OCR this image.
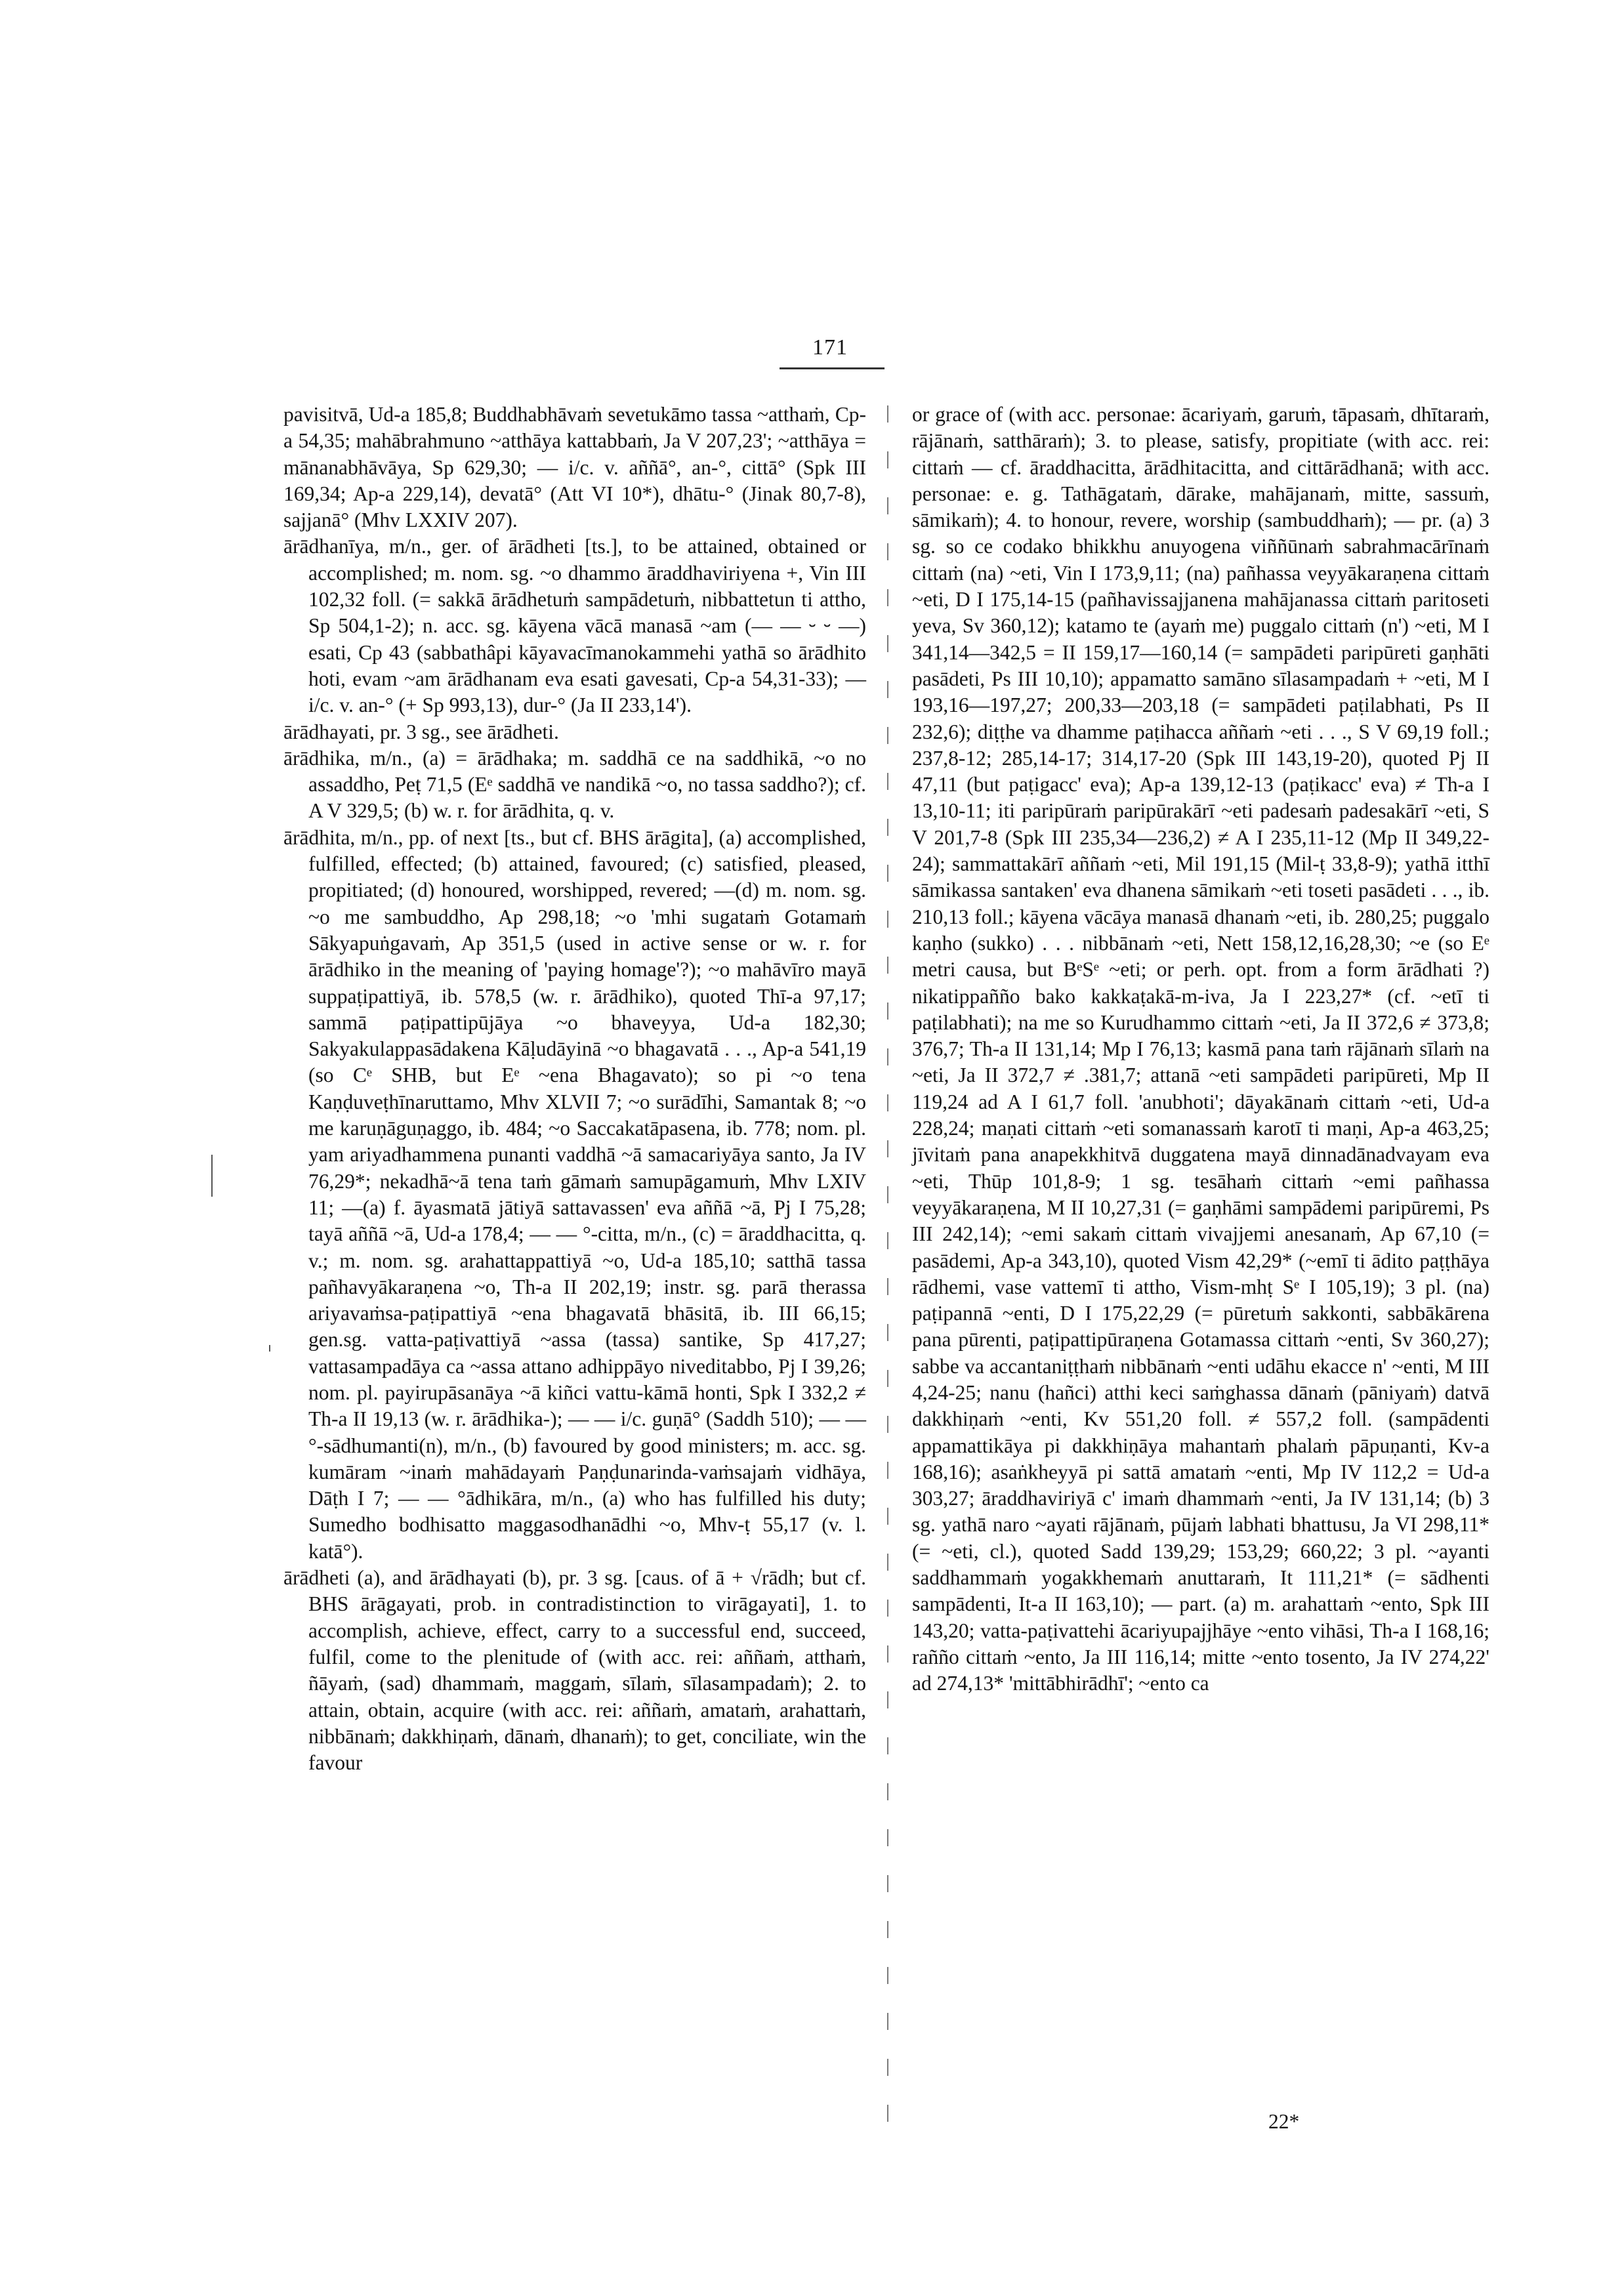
171

pavisitvā, Ud-a 185,8; Buddhabhāvaṁ sevetukāmo tassa ~atthaṁ, Cp-a 54,35; mahābrahmuno ~atthāya kattabbaṁ, Ja V 207,23'; ~atthāya = mānanabhāvāya, Sp 629,30; — i/c. v. aññā°, an-°, cittā° (Spk III 169,34; Ap-a 229,14), devatā° (Att VI 10*), dhātu-° (Jinak 80,7-8), sajjanā° (Mhv LXXIV 207).

ārādhanīya, m/n., ger. of ārādheti [ts.], to be attained, obtained or accomplished; m. nom. sg. ~o dhammo āraddhaviriyena +, Vin III 102,32 foll. (= sakkā ārādhetuṁ sampādetuṁ, nibbattetun ti attho, Sp 504,1-2); n. acc. sg. kāyena vācā manasā ~am (— — ⏑ ⏑ —) esati, Cp 43 (sabbathâpi kāyavacīmanokammehi yathā so ārādhito hoti, evam ~am ārādhanam eva esati gavesati, Cp-a 54,31-33); — i/c. v. an-° (+ Sp 993,13), dur-° (Ja II 233,14').

ārādhayati, pr. 3 sg., see ārādheti.

ārādhika, m/n., (a) = ārādhaka; m. saddhā ce na saddhikā, ~o no assaddho, Peṭ 71,5 (Eᵉ saddhā ve nandikā ~o, no tassa saddho?); cf. A V 329,5; (b) w. r. for ārādhita, q. v.

ārādhita, m/n., pp. of next [ts., but cf. BHS ārāgita], (a) accomplished, fulfilled, effected; (b) attained, favoured; (c) satisfied, pleased, propitiated; (d) honoured, worshipped, revered; —(d) m. nom. sg. ~o me sambuddho, Ap 298,18; ~o 'mhi sugataṁ Gotamaṁ Sākyapuṅgavaṁ, Ap 351,5 (used in active sense or w. r. for ārādhiko in the meaning of 'paying homage'?); ~o mahāvīro mayā suppaṭipattiyā, ib. 578,5 (w. r. ārādhiko), quoted Thī-a 97,17; sammā paṭipattipūjāya ~o bhaveyya, Ud-a 182,30; Sakyakulappasādakena Kāḷudāyinā ~o bhagavatā . . ., Ap-a 541,19 (so Cᵉ SHB, but Eᵉ ~ena Bhagavato); so pi ~o tena Kaṇḍuveṭhīnaruttamo, Mhv XLVII 7; ~o surādīhi, Samantak 8; ~o me karuṇāguṇaggo, ib. 484; ~o Saccakatāpasena, ib. 778; nom. pl. yam ariyadhammena punanti vaddhā ~ā samacariyāya santo, Ja IV 76,29*; nekadhā~ā tena taṁ gāmaṁ samupāgamuṁ, Mhv LXIV 11; —(a) f. āyasmatā jātiyā sattavassen' eva aññā ~ā, Pj I 75,28; tayā aññā ~ā, Ud-a 178,4; — — °-citta, m/n., (c) = āraddhacitta, q. v.; m. nom. sg. arahattappattiyā ~o, Ud-a 185,10; satthā tassa pañhavyākaraṇena ~o, Th-a II 202,19; instr. sg. parā therassa ariyavaṁsa-paṭipattiyā ~ena bhagavatā bhāsitā, ib. III 66,15; gen.sg. vatta-paṭivattiyā ~assa (tassa) santike, Sp 417,27; vattasampadāya ca ~assa attano adhippāyo niveditabbo, Pj I 39,26; nom. pl. payirupāsanāya ~ā kiñci vattu-kāmā honti, Spk I 332,2 ≠ Th-a II 19,13 (w. r. ārādhika-); — — i/c. guṇā° (Saddh 510); — — °-sādhumanti(n), m/n., (b) favoured by good ministers; m. acc. sg. kumāram ~inaṁ mahādayaṁ Paṇḍunarinda-vaṁsajaṁ vidhāya, Dāṭh I 7; — — °ādhikāra, m/n., (a) who has fulfilled his duty; Sumedho bodhisatto maggasodhanādhi ~o, Mhv-ṭ 55,17 (v. l. katā°).

ārādheti (a), and ārādhayati (b), pr. 3 sg. [caus. of ā + √rādh; but cf. BHS ārāgayati, prob. in contradistinction to virāgayati], 1. to accomplish, achieve, effect, carry to a successful end, succeed, fulfil, come to the plenitude of (with acc. rei: aññaṁ, atthaṁ, ñāyaṁ, (sad) dhammaṁ, maggaṁ, sīlaṁ, sīlasampadaṁ); 2. to attain, obtain, acquire (with acc. rei: aññaṁ, amataṁ, arahattaṁ, nibbānaṁ; dakkhiṇaṁ, dānaṁ, dhanaṁ); to get, conciliate, win the favour

or grace of (with acc. personae: ācariyaṁ, garuṁ, tāpasaṁ, dhītaraṁ, rājānaṁ, satthāraṁ); 3. to please, satisfy, propitiate (with acc. rei: cittaṁ — cf. āraddhacitta, ārādhitacitta, and cittārādhanā; with acc. personae: e. g. Tathāgataṁ, dārake, mahājanaṁ, mitte, sassuṁ, sāmikaṁ); 4. to honour, revere, worship (sambuddhaṁ); — pr. (a) 3 sg. so ce codako bhikkhu anuyogena viññūnaṁ sabrahmacārīnaṁ cittaṁ (na) ~eti, Vin I 173,9,11; (na) pañhassa veyyākaraṇena cittaṁ ~eti, D I 175,14-15 (pañhavissajjanena mahājanassa cittaṁ paritoseti yeva, Sv 360,12); katamo te (ayaṁ me) puggalo cittaṁ (n') ~eti, M I 341,14—342,5 = II 159,17—160,14 (= sampādeti paripūreti gaṇhāti pasādeti, Ps III 10,10); appamatto samāno sīlasampadaṁ + ~eti, M I 193,16—197,27; 200,33—203,18 (= sampādeti paṭilabhati, Ps II 232,6); diṭṭhe va dhamme paṭihacca aññaṁ ~eti . . ., S V 69,19 foll.; 237,8-12; 285,14-17; 314,17-20 (Spk III 143,19-20), quoted Pj II 47,11 (but paṭigacc' eva); Ap-a 139,12-13 (paṭikacc' eva) ≠ Th-a I 13,10-11; iti paripūraṁ paripūrakārī ~eti padesaṁ padesakārī ~eti, S V 201,7-8 (Spk III 235,34—236,2) ≠ A I 235,11-12 (Mp II 349,22-24); sammattakārī aññaṁ ~eti, Mil 191,15 (Mil-ṭ 33,8-9); yathā itthī sāmikassa santaken' eva dhanena sāmikaṁ ~eti toseti pasādeti . . ., ib. 210,13 foll.; kāyena vācāya manasā dhanaṁ ~eti, ib. 280,25; puggalo kaṇho (sukko) . . . nibbānaṁ ~eti, Nett 158,12,16,28,30; ~e (so Eᵉ metri causa, but BᵉSᵉ ~eti; or perh. opt. from a form ārādhati ?) nikatippañño bako kakkaṭakā-m-iva, Ja I 223,27* (cf. ~etī ti paṭilabhati); na me so Kurudhammo cittaṁ ~eti, Ja II 372,6 ≠ 373,8; 376,7; Th-a II 131,14; Mp I 76,13; kasmā pana taṁ rājānaṁ sīlaṁ na ~eti, Ja II 372,7 ≠ .381,7; attanā ~eti sampādeti paripūreti, Mp II 119,24 ad A I 61,7 foll. 'anubhoti'; dāyakānaṁ cittaṁ ~eti, Ud-a 228,24; maṇati cittaṁ ~eti somanassaṁ karotī ti maṇi, Ap-a 463,25; jīvitaṁ pana anapekkhitvā duggatena mayā dinnadānadvayam eva ~eti, Thūp 101,8-9; 1 sg. tesāhaṁ cittaṁ ~emi pañhassa veyyākaraṇena, M II 10,27,31 (= gaṇhāmi sampādemi paripūremi, Ps III 242,14); ~emi sakaṁ cittaṁ vivajjemi anesanaṁ, Ap 67,10 (= pasādemi, Ap-a 343,10), quoted Vism 42,29* (~emī ti ādito paṭṭhāya rādhemi, vase vattemī ti attho, Vism-mhṭ Sᵉ I 105,19); 3 pl. (na) paṭipannā ~enti, D I 175,22,29 (= pūretuṁ sakkonti, sabbākārena pana pūrenti, paṭipattipūraṇena Gotamassa cittaṁ ~enti, Sv 360,27); sabbe va accantaniṭṭhaṁ nibbānaṁ ~enti udāhu ekacce n' ~enti, M III 4,24-25; nanu (hañci) atthi keci saṁghassa dānaṁ (pāniyaṁ) datvā dakkhiṇaṁ ~enti, Kv 551,20 foll. ≠ 557,2 foll. (sampādenti appamattikāya pi dakkhiṇāya mahantaṁ phalaṁ pāpuṇanti, Kv-a 168,16); asaṅkheyyā pi sattā amataṁ ~enti, Mp IV 112,2 = Ud-a 303,27; āraddhaviriyā c' imaṁ dhammaṁ ~enti, Ja IV 131,14; (b) 3 sg. yathā naro ~ayati rājānaṁ, pūjaṁ labhati bhattusu, Ja VI 298,11* (= ~eti, cl.), quoted Sadd 139,29; 153,29; 660,22; 3 pl. ~ayanti saddhammaṁ yogakkhemaṁ anuttaraṁ, It 111,21* (= sādhenti sampādenti, It-a II 163,10); — part. (a) m. arahattaṁ ~ento, Spk III 143,20; vatta-paṭivattehi ācariyupajjhāye ~ento vihāsi, Th-a I 168,16; rañño cittaṁ ~ento, Ja III 116,14; mitte ~ento tosento, Ja IV 274,22' ad 274,13* 'mittābhirādhī'; ~ento ca

22*
